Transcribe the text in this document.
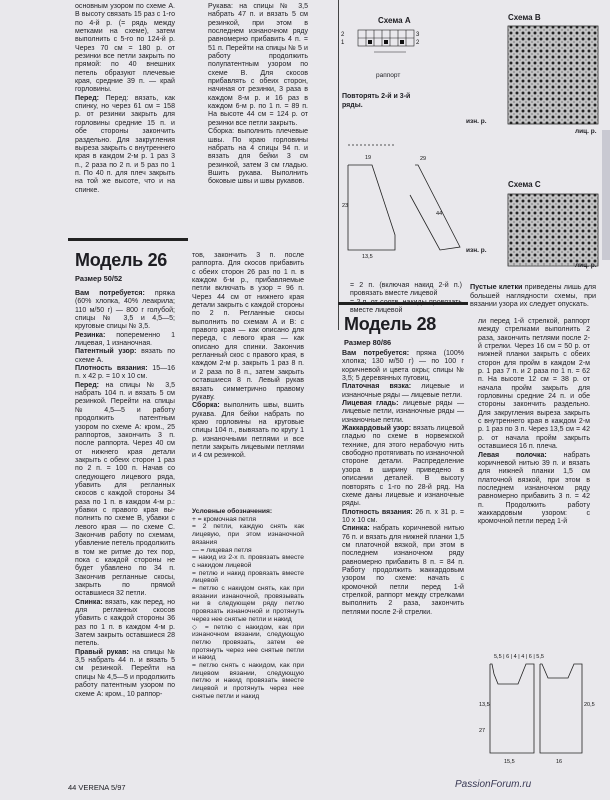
основным узором по схеме А. В высоту связать 15 раз с 1-го по 4-й р. (= рядь между метками на схеме), затем выполнить с 5-го по 124-й р. Через 70 см = 180 р. от резинки все петли закрыть по прямой: по 40 внешних петель образуют плечевые края, средние 39 п. — край горловины.

Перед: Перед: вязать, как спинку, но через 61 см = 158 р. от резинки закрыть для горловины средние 15 п. и обе стороны закончить раздельно. Для закругления выреза закрыть с внутреннего края в каждом 2-м р. 1 раз 3 п., 2 раза по 2 п. и 5 раз по 1 п. По 40 п. для плеч закрыть на той же высоте, что и на спинке.

Рукава: на спицы № 3,5 набрать 47 п. и вязать 5 см резинкой, при этом в последнем изнаночном ряду равномерно прибавить 4 п. = 51 п. Перейти на спицы № 5 и работу продолжить полупатентным узором по схеме В. Для скосов прибавлять с обеих сторон, начиная от резинки, 3 раза в каждом 8-м р. и 16 раз в каждом 6-м р. по 1 п. = 89 п. На высоте 44 см = 124 р. от резинки все петли закрыть.

Сборка: выполнить плечевые швы. По краю горловины набрать на 4 спицы 94 п. и вязать для бейки 3 см резинкой, затем 3 см гладью. Вшить рукава. Выполнить боковые швы и швы рукавов.

Схема A
2
1
3
2
раппорт
Повторять 2-й и 3-й ряды.
19
23
13,5
44
29
Схема B
изн. р.
лиц. р.
Схема C
изн. р.
лиц. р.

Пустые клетки приведены лишь для большей наглядности схемы, при вязании узора их следует опускать.

= 2 п. (включая накид 2-й п.) провязать вместе лицевой

вместе лицевой

Модель 26
Размер 50/52

Вам потребуется: пряжа (60% хлопка, 40% лeакрила; 110 м/50 г) — 800 г голубой; спицы № 3,5 и 4,5—5; круговые спицы № 3,5.

Резинка: попеременно 1 лицевая, 1 изнаночная.

Патентный узор: вязать по схеме А.

Плотность вязания: 15—16 п. х 42 р. = 10 х 10 см.

Перед: на спицы № 3,5 набрать 104 п. и вязать 5 см резинкой. Перейти на спицы № 4,5—5 и работу продолжить патентным узором по схеме А: кром., 25 раппортов, закончить 3 п. после раппорта. Через 40 см от нижнего края детали закрыть с обеих сторон 1 раз по 2 п. = 100 п. Начав со следующего лицевого ряда, убавить для регланных скосов с каждой стороны 34 раза по 1 п. в каждом 4-м р.: убавки с правого края выполнить по схеме В, убавки с левого края — по схеме С. Закончив работу по схемам, убавление петель продолжить в том же ритме до тех пор, пока с каждой стороны не будет убавлено по 34 п. Закончив регланные скосы, закрыть по прямой оставшиеся 32 петли.

Спинка: вязать, как перед, но для регланных скосов убавить с каждой стороны 36 раз по 1 п. в каждом 4-м р. Затем закрыть оставшиеся 28 петель.

Правый рукав: на спицы № 3,5 набрать 44 п. и вязать 5 см резинкой. Перейти на спицы № 4,5—5 и продолжить работу патентным узором по схеме А: кром., 10 раппор-

тов, закончить 3 п. после раппорта. Для скосов прибавить с обеих сторон 26 раз по 1 п. в каждом 6-м р., прибавляемые петли включать в узор = 96 п. Через 44 см от нижнего края детали закрыть с каждой стороны по 2 п. Регланные скосы выполнить по схемам А и В: с правого края — как описано для переда, с левого края — как описано для спинки. Закончив регланный скос с правого края, в каждом 2-м р. закрыть 1 раз 8 п. и 2 раза по 8 п., затем закрыть оставшиеся 8 п. Левый рукав вязать симметрично правому рукаву.

Сборка: выполнить швы, вшить рукава. Для бейки набрать по краю горловины на круговые спицы 104 п., вывязать по кругу 1 р. изнаночными петлями и все петли закрыть лицевыми петлями и 4 см резинкой.

Условные обозначения:

+ = кромочная петля

= 2 петли, каждую снять как лицевую, при этом изнаночной вязания

— = лицевая петля

= накид из 2-х п. провязать вместе с накидом лицевой

= петлю и накид провязать вместе лицевой

= петлю с накидом снять, как при вязании изнаночной, провязывать ни в следующем ряду петлю провязать изнаночной и протянуть через нее снятые петли и накид

◇ = петлю с накидом, как при изнаночном вязании, следующую петлю провязать, затем ее протянуть через нее снятые петли и накид

= петлю снять с накидом, как при лицевом вязании, следующую петлю и накид провязать вместе лицевой и протянуть через нее снятые петли и накид

Модель 28
Размер 80/86

Вам потребуется: пряжа (100% хлопка; 130 м/50 г) — по 100 г коричневой и цвета охры; спицы № 3,5; 5 деревянных пуговиц.

Платочная вязка: лицевые и изнаночные ряды — лицевые петли.

Лицевая гладь: лицевые ряды — лицевые петли, изнаночные ряды — изнаночные петли.

Жаккардовый узор: вязать лицевой гладью по схеме в норвежской технике, для этого нерабочую нить свободно протягивать по изнаночной стороне детали. Распределение узора в ширину приведено в описании деталей. В высоту повторять с 1-го по 28-й ряд. На схеме даны лицевые и изнаночные ряды.

Плотность вязания: 26 п. х 31 р. = 10 х 10 см.

Спинка: набрать коричневой нитью 76 п. и вязать для нижней планки 1,5 см платочной вязкой, при этом в последнем изнаночном ряду равномерно прибавить 8 п. = 84 п. Работу продолжить жаккардовым узором по схеме: начать с кромочной петли перед 1-й стрелкой, раппорт между стрелками выполнить 2 раза, закончить петлями после 2-й стрелки.

ли перед 1-й стрелкой, раппорт между стрелками выполнить 2 раза, закончить петлями после 2-й стрелки. Через 16 см = 50 р. от нижней планки закрыть с обеих сторон для пройм в каждом 2-м р. 1 раз 7 п. и 2 раза по 1 п. = 62 п. На высоте 12 см = 38 р. от начала пройм закрыть для горловины средние 24 п. и обе стороны закончить раздельно. Для закругления выреза закрыть с внутреннего края в каждом 2-м р. 1 раз по 3 п. Через 13,5 см = 42 р. от начала пройм закрыть оставшиеся 16 п. плеча.

Левая полочка: набрать коричневой нитью 39 п. и вязать для нижней планки 1,5 см платочной вязкой, при этом в последнем изнаночном ряду равномерно прибавить 3 п. = 42 п. Продолжить работу жаккардовым узором: с кромочной петли перед 1-й

5,5 | 6 | 4 | 4 | 6 | 5,5
13,5
27
20,5
15,5	16
44 VERENA 5/97	PassionForum.ru
